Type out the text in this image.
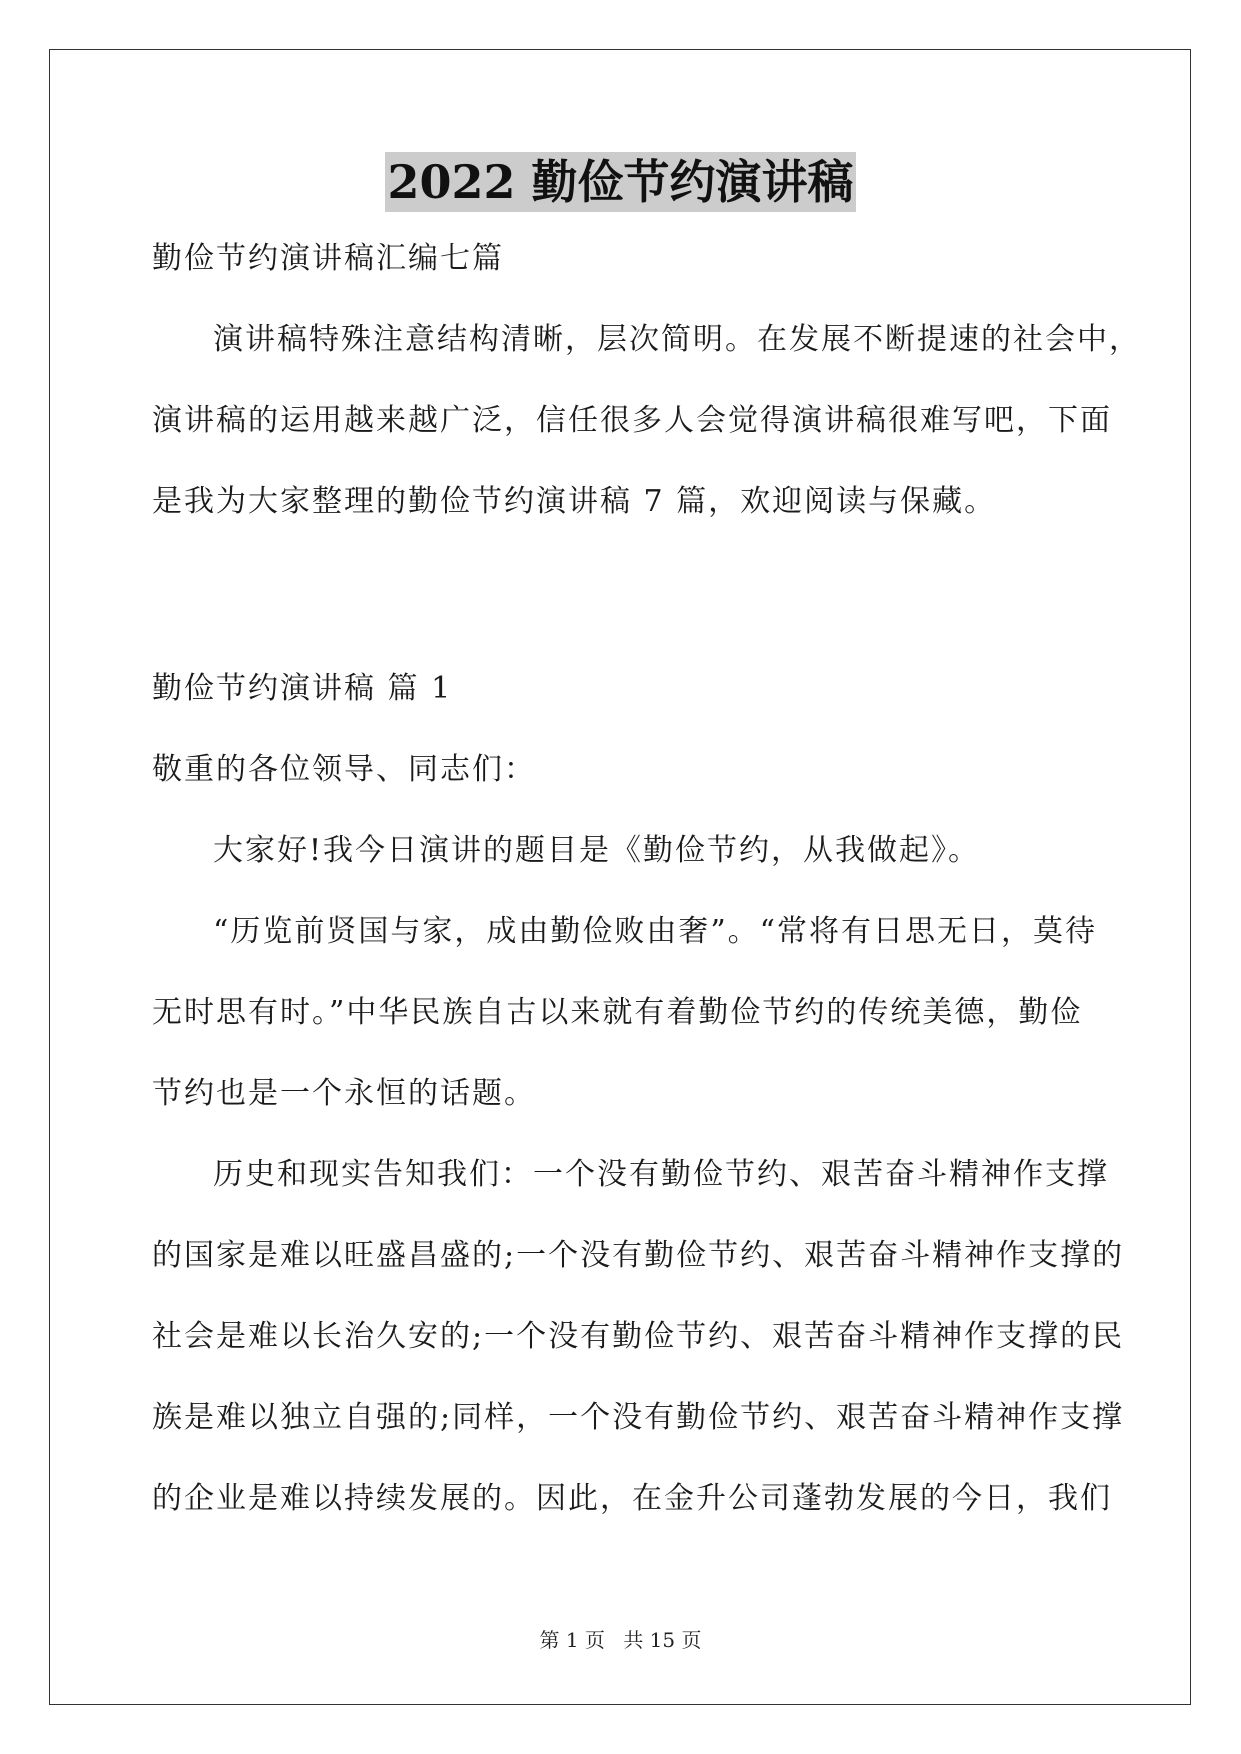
2022 勤俭节约演讲稿
勤俭节约演讲稿汇编七篇
演讲稿特殊注意结构清晰，层次简明。在发展不断提速的社会中，
演讲稿的运用越来越广泛，信任很多人会觉得演讲稿很难写吧，下面
是我为大家整理的勤俭节约演讲稿 7 篇，欢迎阅读与保藏。
勤俭节约演讲稿 篇 1
敬重的各位领导、同志们：
大家好!我今日演讲的题目是《勤俭节约，从我做起》。
“历览前贤国与家，成由勤俭败由奢”。“常将有日思无日，莫待
无时思有时。”中华民族自古以来就有着勤俭节约的传统美德，勤俭
节约也是一个永恒的话题。
历史和现实告知我们：一个没有勤俭节约、艰苦奋斗精神作支撑
的国家是难以旺盛昌盛的;一个没有勤俭节约、艰苦奋斗精神作支撑的
社会是难以长治久安的;一个没有勤俭节约、艰苦奋斗精神作支撑的民
族是难以独立自强的;同样，一个没有勤俭节约、艰苦奋斗精神作支撑
的企业是难以持续发展的。因此，在金升公司蓬勃发展的今日，我们
第 1 页 共 15 页
